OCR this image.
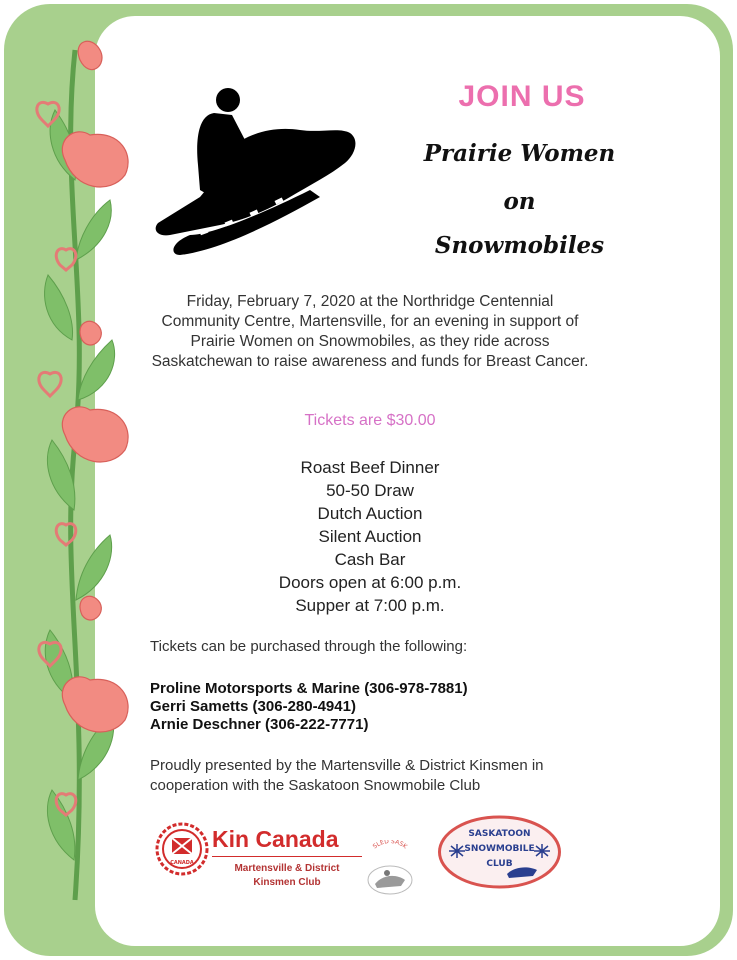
JOIN US
Prairie Women
on
Snowmobiles
Friday, February 7, 2020 at the Northridge Centennial Community Centre, Martensville, for an evening in support of Prairie Women on Snowmobiles, as they ride across Saskatchewan to raise awareness and funds for Breast Cancer.
Tickets are $30.00
Roast Beef Dinner
50-50 Draw
Dutch Auction
Silent Auction
Cash Bar
Doors open at 6:00 p.m.
Supper at 7:00 p.m.
Tickets can be purchased through the following:
Proline Motorsports & Marine (306-978-7881)
Gerri Sametts (306-280-4941)
Arnie Deschner (306-222-7771)
Proudly presented by the Martensville & District Kinsmen in cooperation with the Saskatoon Snowmobile Club
CANADA
Kin Canada
Martensville & District
Kinsmen Club
SLED SASK
SASKATOON
SNOWMOBILE
CLUB
